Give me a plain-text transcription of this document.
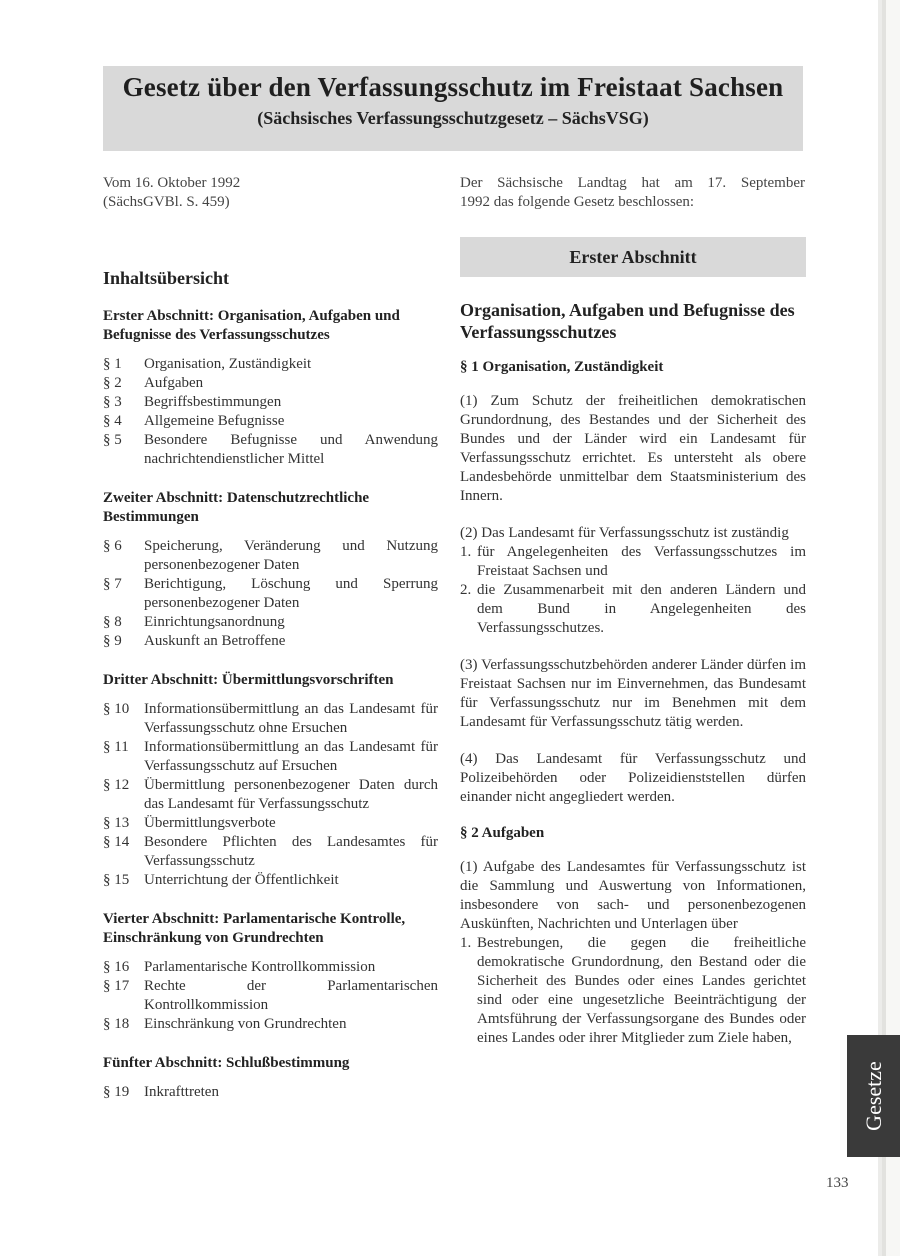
Gesetz über den Verfassungsschutz im Freistaat Sachsen
(Sächsisches Verfassungsschutzgesetz – SächsVSG)
Vom 16. Oktober 1992
(SächsGVBl. S. 459)
Der Sächsische Landtag hat am 17. September
1992 das folgende Gesetz beschlossen:
Inhaltsübersicht
Erster Abschnitt: Organisation, Aufgaben und Befugnisse des Verfassungsschutzes
§ 1	Organisation, Zuständigkeit
§ 2	Aufgaben
§ 3	Begriffsbestimmungen
§ 4	Allgemeine Befugnisse
§ 5	Besondere Befugnisse und Anwendung nachrichtendienstlicher Mittel
Zweiter Abschnitt: Datenschutzrechtliche Bestimmungen
§ 6	Speicherung, Veränderung und Nutzung personenbezogener Daten
§ 7	Berichtigung, Löschung und Sperrung personenbezogener Daten
§ 8	Einrichtungsanordnung
§ 9	Auskunft an Betroffene
Dritter Abschnitt: Übermittlungsvorschriften
§ 10 Informationsübermittlung an das Landesamt für Verfassungsschutz ohne Ersuchen
§ 11	Informationsübermittlung an das Landesamt für Verfassungsschutz auf Ersuchen
§ 12 Übermittlung personenbezogener Daten durch das Landesamt für Verfassungsschutz
§ 13 Übermittlungsverbote
§ 14 Besondere Pflichten des Landesamtes für Verfassungsschutz
§ 15 Unterrichtung der Öffentlichkeit
Vierter Abschnitt: Parlamentarische Kontrolle, Einschränkung von Grundrechten
§ 16 Parlamentarische Kontrollkommission
§ 17 Rechte der Parlamentarischen Kontrollkommission
§ 18 Einschränkung von Grundrechten
Fünfter Abschnitt: Schlußbestimmung
§ 19 Inkrafttreten
Erster Abschnitt
Organisation, Aufgaben und Befugnisse des Verfassungsschutzes
§ 1 Organisation, Zuständigkeit
(1) Zum Schutz der freiheitlichen demokratischen Grundordnung, des Bestandes und der Sicherheit des Bundes und der Länder wird ein Landesamt für Verfassungsschutz errichtet. Es untersteht als obere Landesbehörde unmittelbar dem Staatsministerium des Innern.
(2) Das Landesamt für Verfassungsschutz ist zuständig
1. für Angelegenheiten des Verfassungsschutzes im Freistaat Sachsen und
2. die Zusammenarbeit mit den anderen Ländern und dem Bund in Angelegenheiten des Verfassungsschutzes.
(3) Verfassungsschutzbehörden anderer Länder dürfen im Freistaat Sachsen nur im Einvernehmen, das Bundesamt für Verfassungsschutz nur im Benehmen mit dem Landesamt für Verfassungsschutz tätig werden.
(4) Das Landesamt für Verfassungsschutz und Polizeibehörden oder Polizeidienststellen dürfen einander nicht angegliedert werden.
§ 2 Aufgaben
(1) Aufgabe des Landesamtes für Verfassungsschutz ist die Sammlung und Auswertung von Informationen, insbesondere von sach- und personenbezogenen Auskünften, Nachrichten und Unterlagen über
1. Bestrebungen, die gegen die freiheitliche demokratische Grundordnung, den Bestand oder die Sicherheit des Bundes oder eines Landes gerichtet sind oder eine ungesetzliche Beeinträchtigung der Amtsführung der Verfassungsorgane des Bundes oder eines Landes oder ihrer Mitglieder zum Ziele haben,
Gesetze
133
